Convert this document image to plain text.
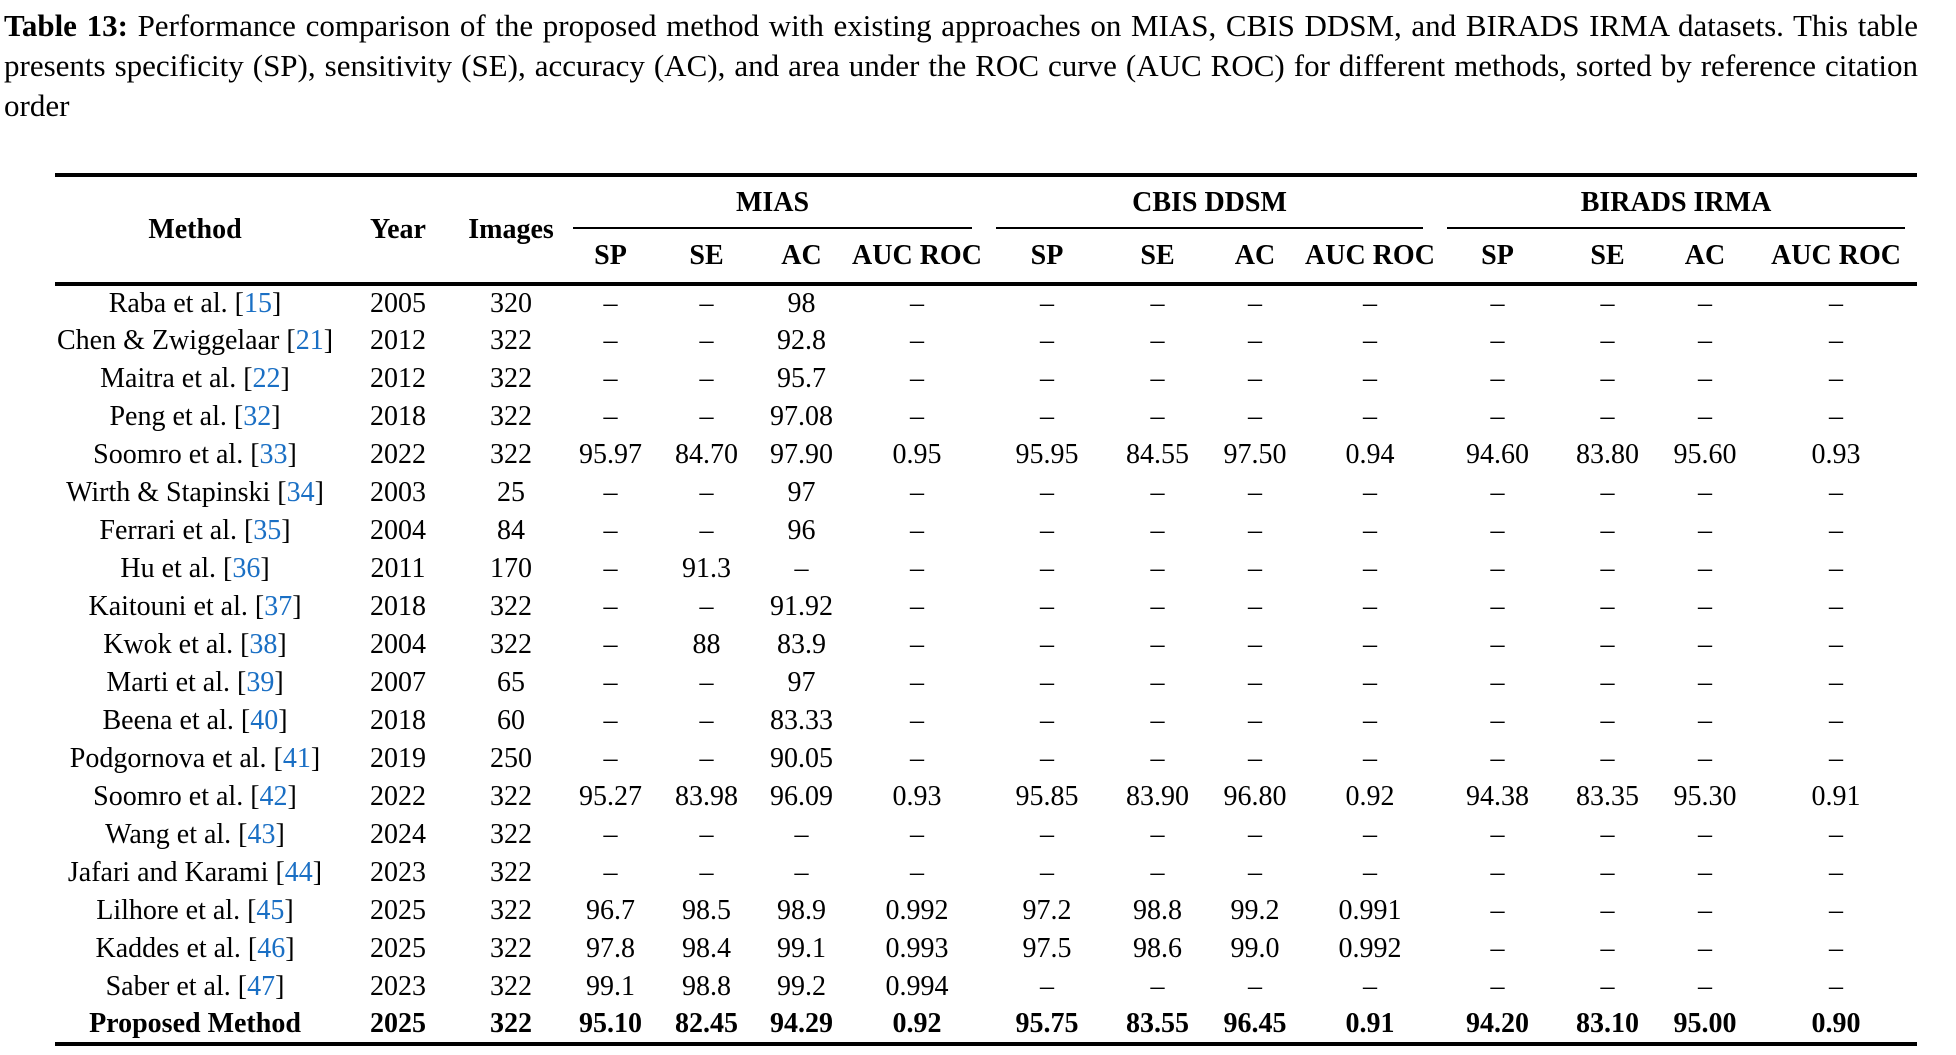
Table 13: Performance comparison of the proposed method with existing approaches on MIAS, CBIS DDSM, and BIRADS IRMA datasets. This table presents specificity (SP), sensitivity (SE), accuracy (AC), and area under the ROC curve (AUC ROC) for different methods, sorted by reference citation order

Method	Year	Images	MIAS				CBIS DDSM				BIRADS IRMA			

			SP	SE	AC	AUC ROC	SP	SE	AC	AUC ROC	SP	SE	AC	AUC ROC
Raba et al. [15]	2005	320	–	–	98	–	–	–	–	–	–	–	–	–
Chen & Zwiggelaar [21]	2012	322	–	–	92.8	–	–	–	–	–	–	–	–	–
Maitra et al. [22]	2012	322	–	–	95.7	–	–	–	–	–	–	–	–	–
Peng et al. [32]	2018	322	–	–	97.08	–	–	–	–	–	–	–	–	–
Soomro et al. [33]	2022	322	95.97	84.70	97.90	0.95	95.95	84.55	97.50	0.94	94.60	83.80	95.60	0.93
Wirth & Stapinski [34]	2003	25	–	–	97	–	–	–	–	–	–	–	–	–
Ferrari et al. [35]	2004	84	–	–	96	–	–	–	–	–	–	–	–	–
Hu et al. [36]	2011	170	–	91.3	–	–	–	–	–	–	–	–	–	–
Kaitouni et al. [37]	2018	322	–	–	91.92	–	–	–	–	–	–	–	–	–
Kwok et al. [38]	2004	322	–	88	83.9	–	–	–	–	–	–	–	–	–
Marti et al. [39]	2007	65	–	–	97	–	–	–	–	–	–	–	–	–
Beena et al. [40]	2018	60	–	–	83.33	–	–	–	–	–	–	–	–	–
Podgornova et al. [41]	2019	250	–	–	90.05	–	–	–	–	–	–	–	–	–
Soomro et al. [42]	2022	322	95.27	83.98	96.09	0.93	95.85	83.90	96.80	0.92	94.38	83.35	95.30	0.91
Wang et al. [43]	2024	322	–	–	–	–	–	–	–	–	–	–	–	–
Jafari and Karami [44]	2023	322	–	–	–	–	–	–	–	–	–	–	–	–
Lilhore et al. [45]	2025	322	96.7	98.5	98.9	0.992	97.2	98.8	99.2	0.991	–	–	–	–
Kaddes et al. [46]	2025	322	97.8	98.4	99.1	0.993	97.5	98.6	99.0	0.992	–	–	–	–
Saber et al. [47]	2023	322	99.1	98.8	99.2	0.994	–	–	–	–	–	–	–	–
Proposed Method	2025	322	95.10	82.45	94.29	0.92	95.75	83.55	96.45	0.91	94.20	83.10	95.00	0.90
